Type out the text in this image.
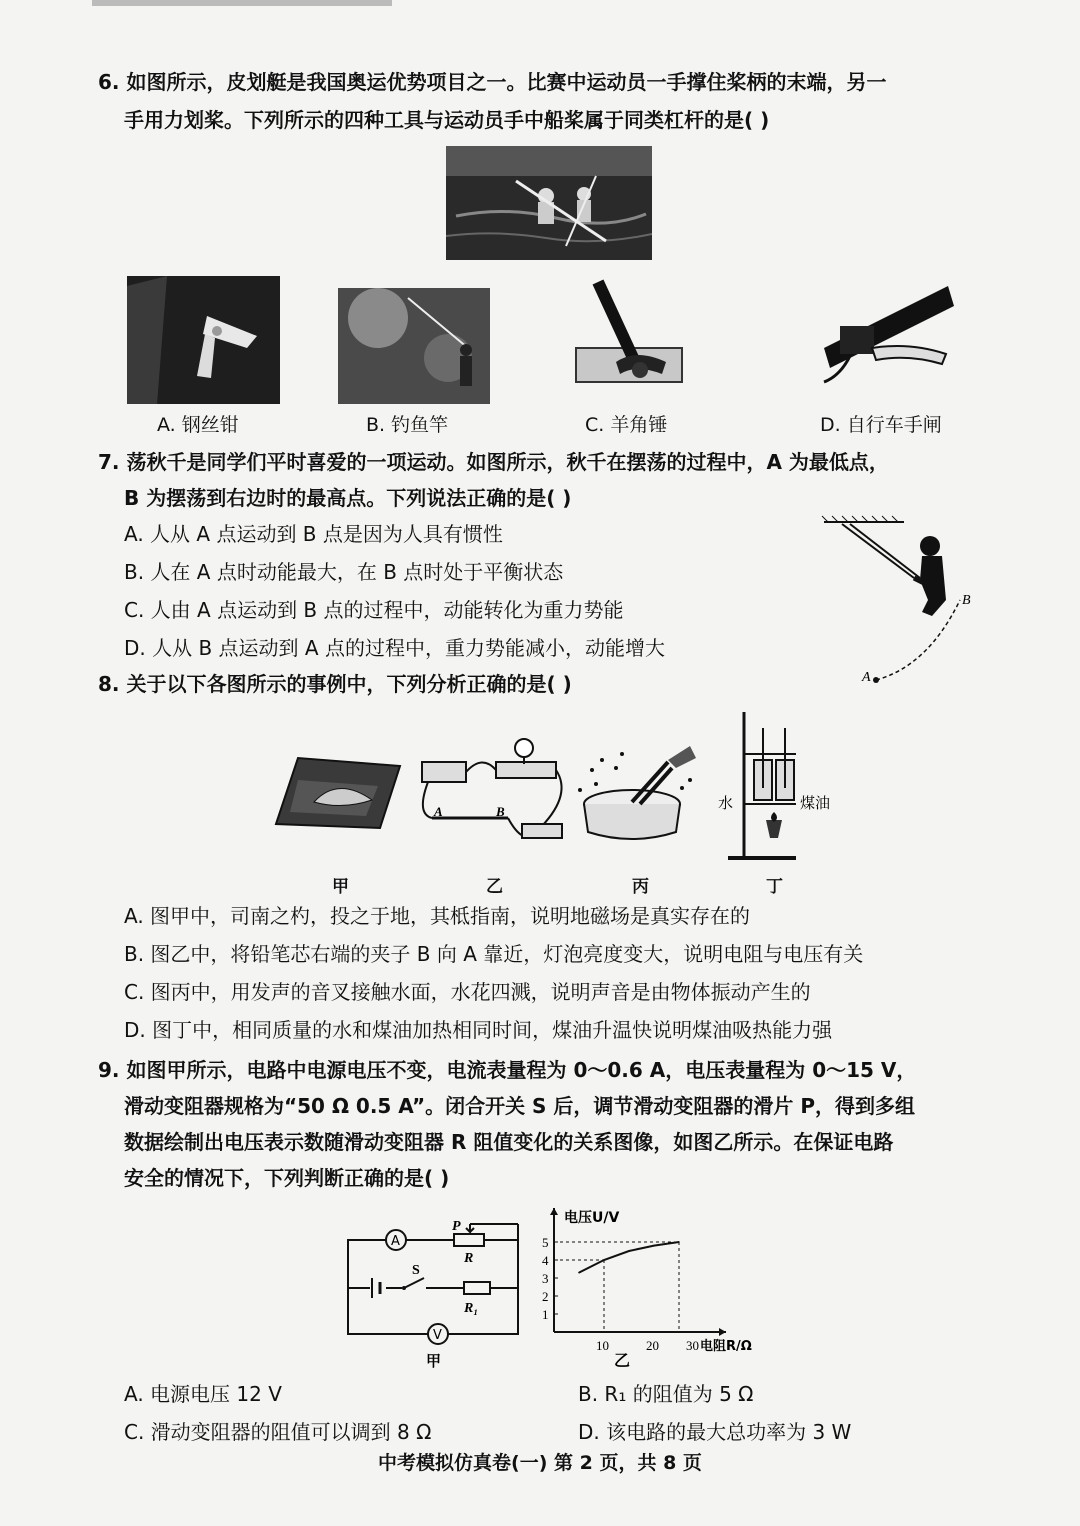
6. 如图所示，皮划艇是我国奥运优势项目之一。比赛中运动员一手撑住桨柄的末端，另一
手用力划桨。下列所示的四种工具与运动员手中船桨属于同类杠杆的是( )
A. 钢丝钳	B. 钓鱼竿	C. 羊角锤	D. 自行车手闸
7. 荡秋千是同学们平时喜爱的一项运动。如图所示，秋千在摆荡的过程中，A 为最低点，
B 为摆荡到右边时的最高点。下列说法正确的是( )
A. 人从 A 点运动到 B 点是因为人具有惯性
B. 人在 A 点时动能最大，在 B 点时处于平衡状态
C. 人由 A 点运动到 B 点的过程中，动能转化为重力势能
D. 人从 B 点运动到 A 点的过程中，重力势能减小，动能增大
A
B
8. 关于以下各图所示的事例中，下列分析正确的是( )
A	B	水	煤油
甲	乙	丙	丁
A. 图甲中，司南之杓，投之于地，其柢指南，说明地磁场是真实存在的
B. 图乙中，将铅笔芯右端的夹子 B 向 A 靠近，灯泡亮度变大，说明电阻与电压有关
C. 图丙中，用发声的音叉接触水面，水花四溅，说明声音是由物体振动产生的
D. 图丁中，相同质量的水和煤油加热相同时间，煤油升温快说明煤油吸热能力强
9. 如图甲所示，电路中电源电压不变，电流表量程为 0～0.6 A，电压表量程为 0～15 V，
滑动变阻器规格为“50 Ω 0.5 A”。闭合开关 S 后，调节滑动变阻器的滑片 P，得到多组
数据绘制出电压表示数随滑动变阻器 R 阻值变化的关系图像，如图乙所示。在保证电路
安全的情况下，下列判断正确的是( )
A
P
R
S
R₁
V
甲
电压U/V
电阻R/Ω
1
2
3
4
5
10	20 30
乙
A. 电源电压 12 V	B. R₁ 的阻值为 5 Ω
C. 滑动变阻器的阻值可以调到 8 Ω	D. 该电路的最大总功率为 3 W
中考模拟仿真卷(一) 第 2 页，共 8 页
